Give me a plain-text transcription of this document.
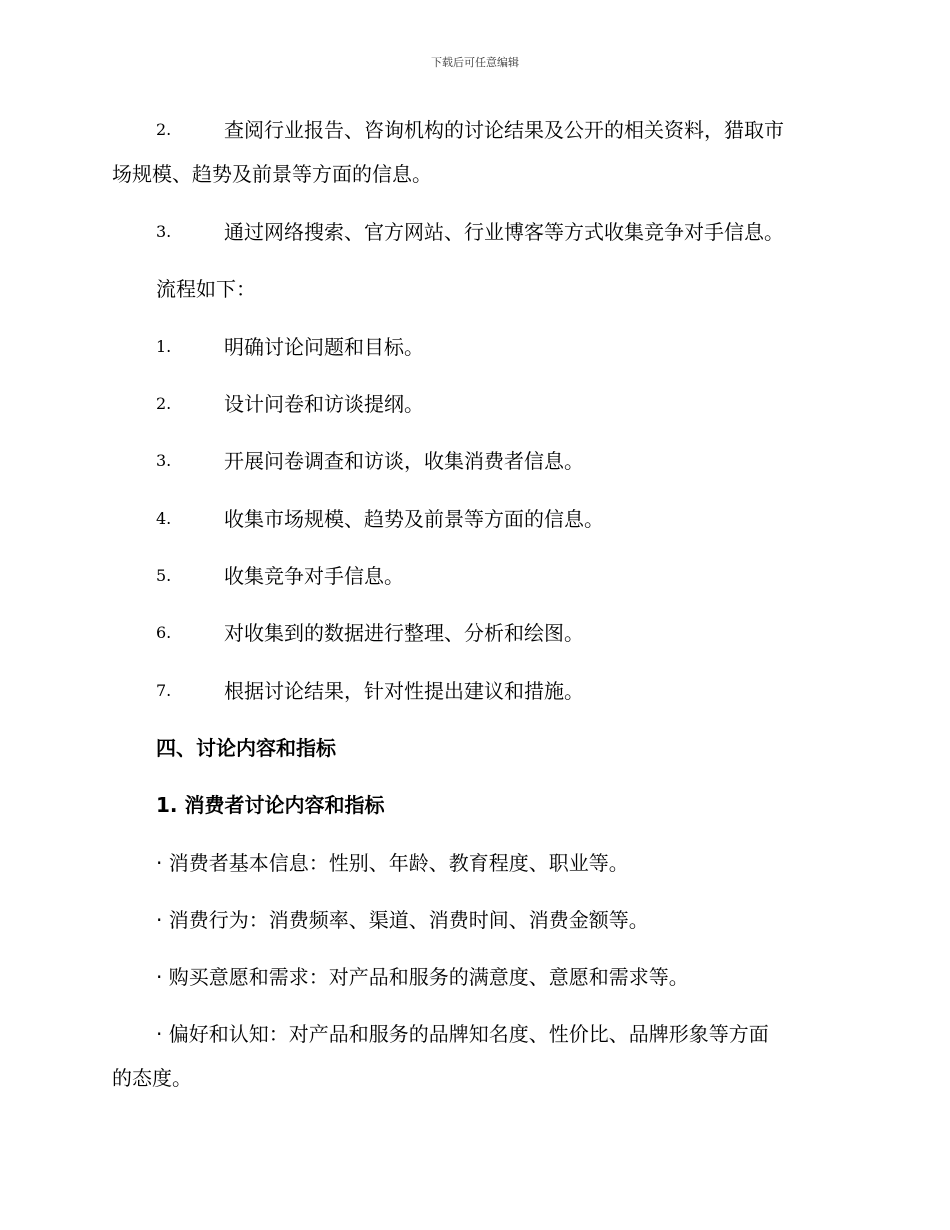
下载后可任意编辑
2.	查阅行业报告、咨询机构的讨论结果及公开的相关资料，猎取市
场规模、趋势及前景等方面的信息。
3.	通过网络搜索、官方网站、行业博客等方式收集竞争对手信息。
流程如下：
1.	明确讨论问题和目标。
2.	设计问卷和访谈提纲。
3.	开展问卷调查和访谈，收集消费者信息。
4.	收集市场规模、趋势及前景等方面的信息。
5.	收集竞争对手信息。
6.	对收集到的数据进行整理、分析和绘图。
7.	根据讨论结果，针对性提出建议和措施。
四、讨论内容和指标
1. 消费者讨论内容和指标
· 消费者基本信息：性别、年龄、教育程度、职业等。
· 消费行为：消费频率、渠道、消费时间、消费金额等。
· 购买意愿和需求：对产品和服务的满意度、意愿和需求等。
· 偏好和认知：对产品和服务的品牌知名度、性价比、品牌形象等方面
的态度。
